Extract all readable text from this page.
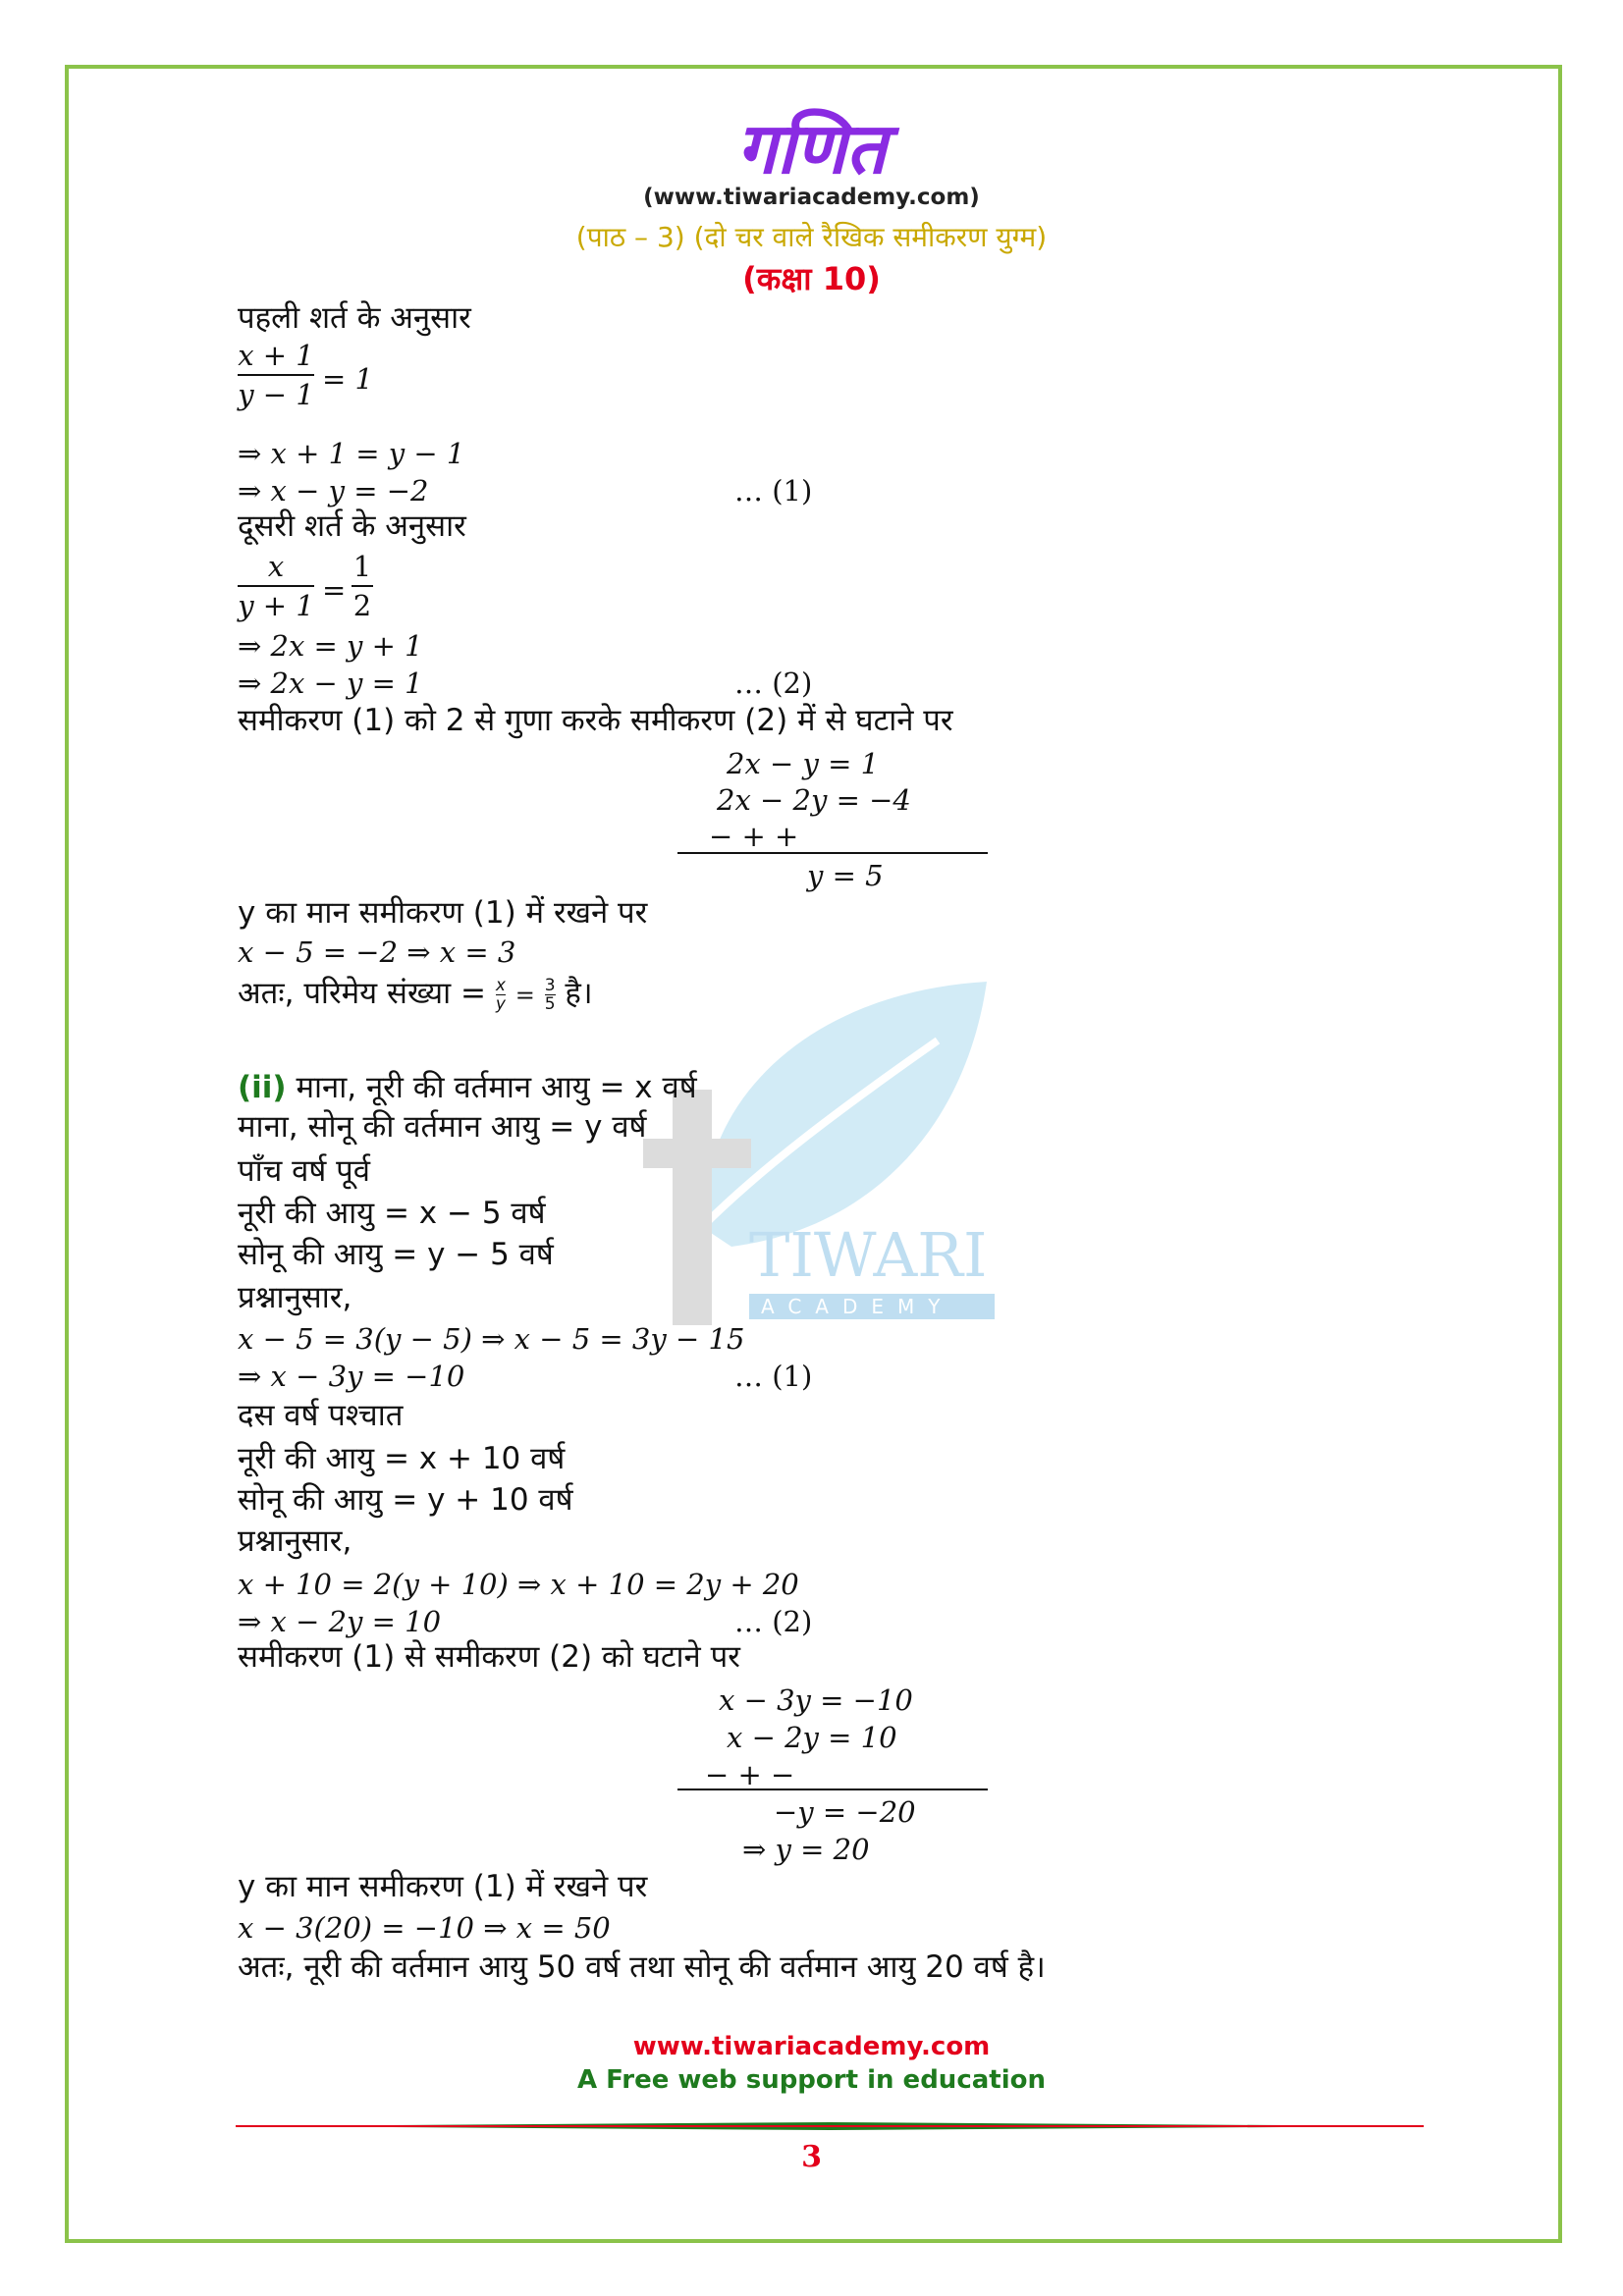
गणित
(www.tiwariacademy.com)
(पाठ – 3) (दो चर वाले रैखिक समीकरण युग्म)
(कक्षा 10)
TIWARI
ACADEMY
पहली शर्त के अनुसार
x + 1
y − 1 = 1
⇒ x + 1 = y − 1
⇒ x − y = −2	… (1)
दूसरी शर्त के अनुसार
x
y + 1 =
1
2
⇒ 2x = y + 1
⇒ 2x − y = 1	… (2)
समीकरण (1) को 2 से गुणा करके समीकरण (2) में से घटाने पर
2x − y = 1
2x − 2y = −4
− + +
y = 5
y का मान समीकरण (1) में रखने पर
x − 5 = −2 ⇒ x = 3
अतः, परिमेय संख्या = $\frac{x}{y} = \frac{3}{5}$ है।
(ii) माना, नूरी की वर्तमान आयु = x वर्ष
माना, सोनू की वर्तमान आयु = y वर्ष
पाँच वर्ष पूर्व
नूरी की आयु = x − 5 वर्ष
सोनू की आयु = y − 5 वर्ष
प्रश्नानुसार,
x − 5 = 3(y − 5) ⇒ x − 5 = 3y − 15
⇒ x − 3y = −10	… (1)
दस वर्ष पश्चात
नूरी की आयु = x + 10 वर्ष
सोनू की आयु = y + 10 वर्ष
प्रश्नानुसार,
x + 10 = 2(y + 10) ⇒ x + 10 = 2y + 20
⇒ x − 2y = 10	… (2)
समीकरण (1) से समीकरण (2) को घटाने पर
x − 3y = −10
x − 2y = 10
− + −
−y = −20
⇒ y = 20
y का मान समीकरण (1) में रखने पर
x − 3(20) = −10 ⇒ x = 50
अतः, नूरी की वर्तमान आयु 50 वर्ष तथा सोनू की वर्तमान आयु 20 वर्ष है।
www.tiwariacademy.com
A Free web support in education
3
